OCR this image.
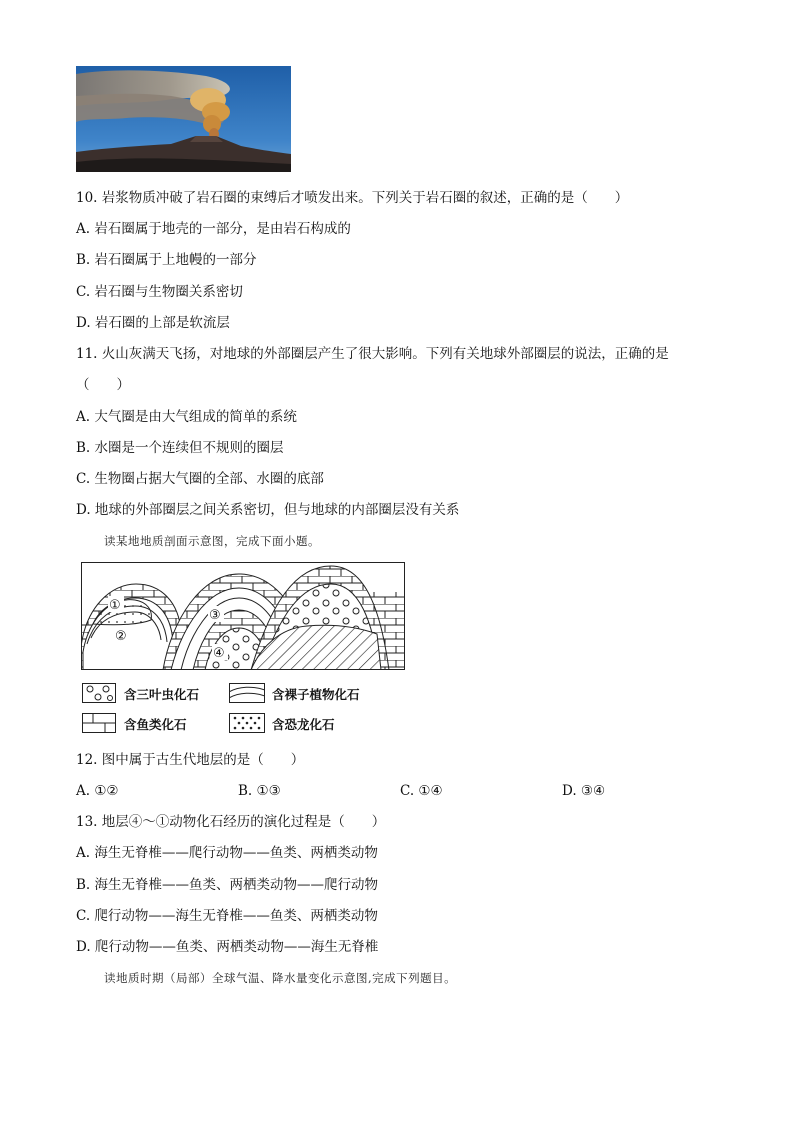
10. 岩浆物质冲破了岩石圈的束缚后才喷发出来。下列关于岩石圈的叙述，正确的是（　　）
A. 岩石圈属于地壳的一部分，是由岩石构成的
B. 岩石圈属于上地幔的一部分
C. 岩石圈与生物圈关系密切
D. 岩石圈的上部是软流层
11. 火山灰满天飞扬，对地球的外部圈层产生了很大影响。下列有关地球外部圈层的说法，正确的是
（　　）
A. 大气圈是由大气组成的简单的系统
B. 水圈是一个连续但不规则的圈层
C. 生物圈占据大气圈的全部、水圈的底部
D. 地球的外部圈层之间关系密切，但与地球的内部圈层没有关系
读某地地质剖面示意图，完成下面小题。
①
②
③
④
含三叶虫化石	含裸子植物化石
含鱼类化石	含恐龙化石
12. 图中属于古生代地层的是（　　）
A. ①②	B. ①③	C. ①④	D. ③④
13. 地层④～①动物化石经历的演化过程是（　　）
A. 海生无脊椎——爬行动物——鱼类、两栖类动物
B. 海生无脊椎——鱼类、两栖类动物——爬行动物
C. 爬行动物——海生无脊椎——鱼类、两栖类动物
D. 爬行动物——鱼类、两栖类动物——海生无脊椎
读地质时期（局部）全球气温、降水量变化示意图,完成下列题目。
